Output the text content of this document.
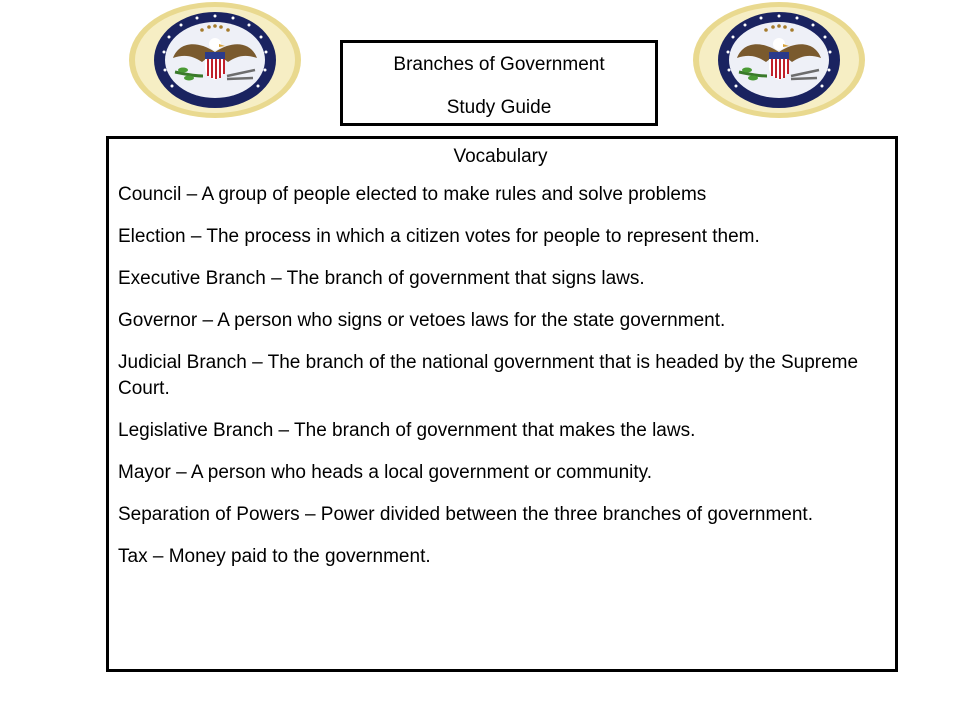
Branches of Government
Study Guide
Vocabulary
Council – A group of people elected to make rules and solve problems
Election – The process in which a citizen votes for people to represent them.
Executive Branch – The branch of government that signs laws.
Governor – A person who signs or vetoes laws for the state government.
Judicial Branch – The branch of the national government that is headed by the Supreme Court.
Legislative Branch – The branch of government that makes the laws.
Mayor – A person who heads a local government or community.
Separation of Powers – Power divided between the three branches of government.
Tax – Money paid to the government.
